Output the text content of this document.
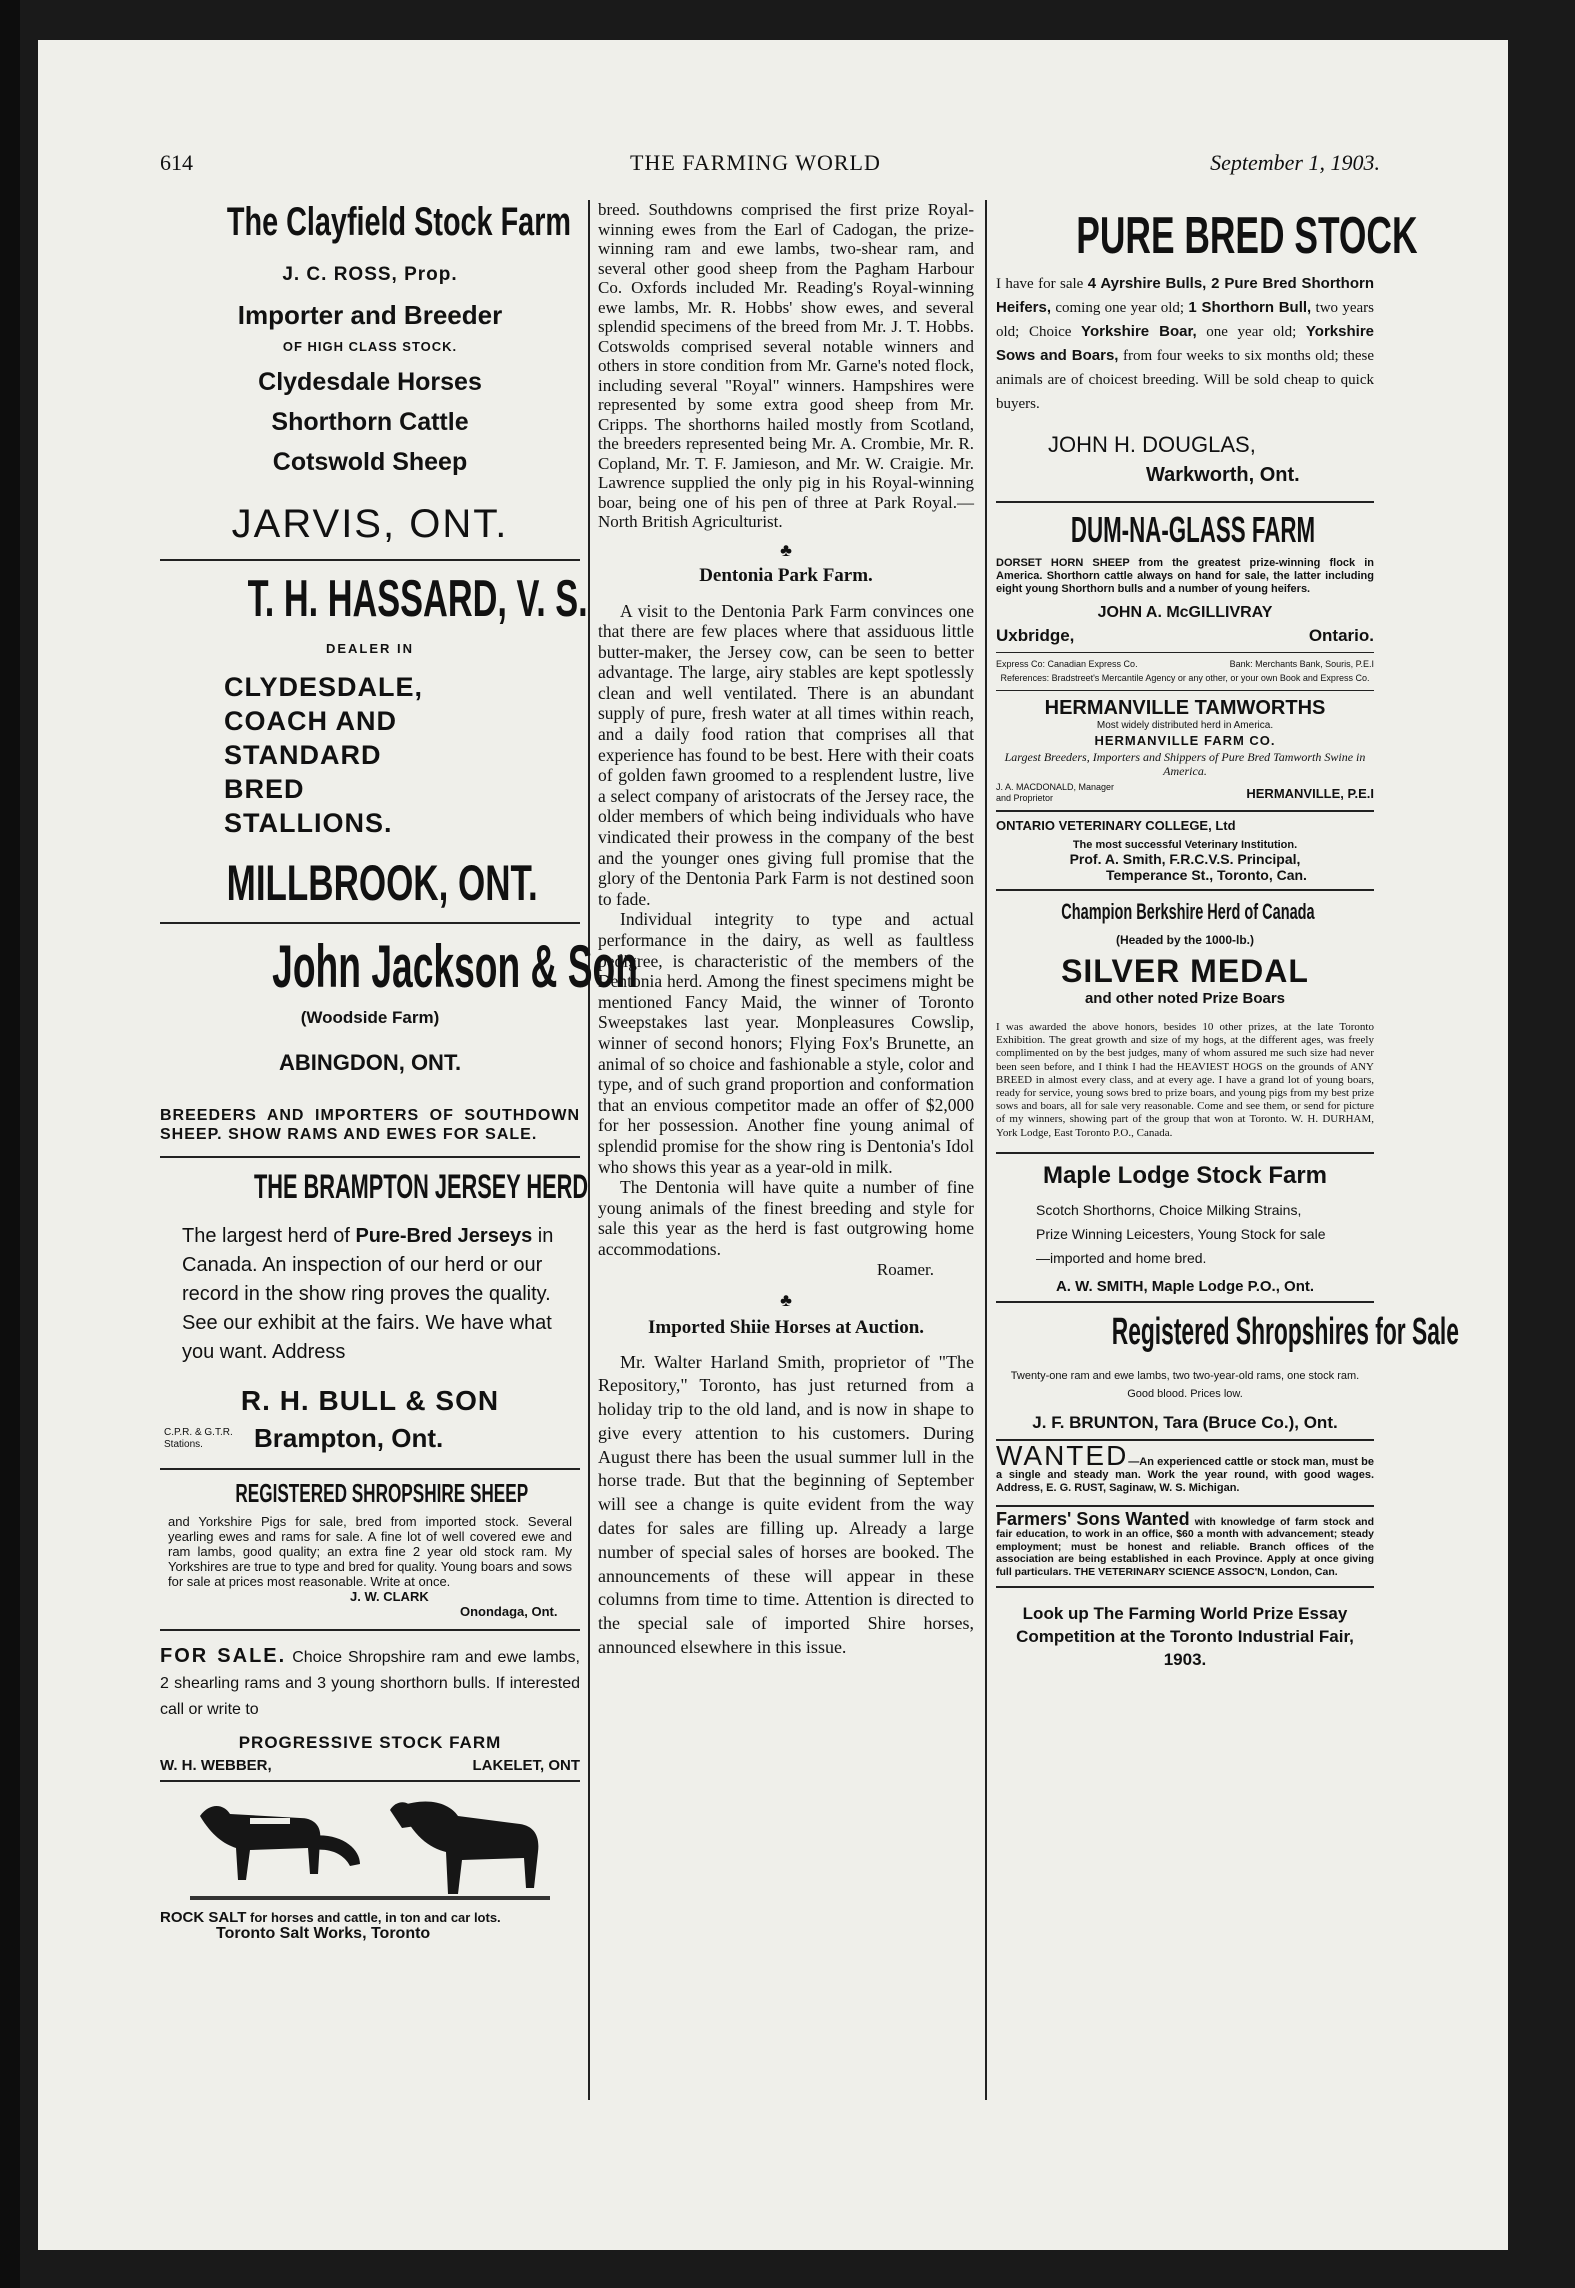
614	THE FARMING WORLD	September 1, 1903.
The Clayfield Stock Farm
J. C. ROSS, Prop.
Importer and Breeder
OF HIGH CLASS STOCK.
Clydesdale Horses
Shorthorn Cattle
Cotswold Sheep
JARVIS, ONT.
T. H. HASSARD, V. S.
DEALER IN
CLYDESDALE,
COACH AND
STANDARD
BRED
STALLIONS.
MILLBROOK, ONT.
John Jackson & Son
(Woodside Farm)
ABINGDON, ONT.
BREEDERS AND IMPORTERS OF SOUTHDOWN SHEEP. SHOW RAMS AND EWES FOR SALE.
THE BRAMPTON JERSEY HERD

The largest herd of Pure-Bred Jerseys in Canada. An inspection of our herd or our record in the show ring proves the quality. See our exhibit at the fairs. We have what you want. Address

R. H. BULL & SON
C.P.R. & G.T.R. Stations.	Brampton, Ont.
REGISTERED SHROPSHIRE SHEEP
and Yorkshire Pigs for sale, bred from imported stock. Several yearling ewes and rams for sale. A fine lot of well covered ewe and ram lambs, good quality; an extra fine 2 year old stock ram. My Yorkshires are true to type and bred for quality. Young boars and sows for sale at prices most reasonable. Write at once.
J. W. CLARK
Onondaga, Ont.

FOR SALE. Choice Shropshire ram and ewe lambs, 2 shearling rams and 3 young shorthorn bulls. If interested call or write to

PROGRESSIVE STOCK FARM
W. H. WEBBER,	LAKELET, ONT
ROCK SALT for horses and cattle, in ton and car lots.
Toronto Salt Works, Toronto

breed. Southdowns comprised the first prize Royal-winning ewes from the Earl of Cadogan, the prize-winning ram and ewe lambs, two-shear ram, and several other good sheep from the Pagham Harbour Co. Oxfords included Mr. Reading's Royal-winning ewe lambs, Mr. R. Hobbs' show ewes, and several splendid specimens of the breed from Mr. J. T. Hobbs. Cotswolds comprised several notable winners and others in store condition from Mr. Garne's noted flock, including several "Royal" winners. Hampshires were represented by some extra good sheep from Mr. Cripps. The shorthorns hailed mostly from Scotland, the breeders represented being Mr. A. Crombie, Mr. R. Copland, Mr. T. F. Jamieson, and Mr. W. Craigie. Mr. Lawrence supplied the only pig in his Royal-winning boar, being one of his pen of three at Park Royal.—North British Agriculturist.

♣
Dentonia Park Farm.

A visit to the Dentonia Park Farm convinces one that there are few places where that assiduous little butter-maker, the Jersey cow, can be seen to better advantage. The large, airy stables are kept spotlessly clean and well ventilated. There is an abundant supply of pure, fresh water at all times within reach, and a daily food ration that comprises all that experience has found to be best. Here with their coats of golden fawn groomed to a resplendent lustre, live a select company of aristocrats of the Jersey race, the older members of which being individuals who have vindicated their prowess in the company of the best and the younger ones giving full promise that the glory of the Dentonia Park Farm is not destined soon to fade.

Individual integrity to type and actual performance in the dairy, as well as faultless pedigree, is characteristic of the members of the Dentonia herd. Among the finest specimens might be mentioned Fancy Maid, the winner of Toronto Sweepstakes last year. Monpleasures Cowslip, winner of second honors; Flying Fox's Brunette, an animal of so choice and fashionable a style, color and type, and of such grand proportion and conformation that an envious competitor made an offer of $2,000 for her possession. Another fine young animal of splendid promise for the show ring is Dentonia's Idol who shows this year as a year-old in milk.

The Dentonia will have quite a number of fine young animals of the finest breeding and style for sale this year as the herd is fast outgrowing home accommodations.

Roamer.
♣
Imported Shiie Horses at Auction.

Mr. Walter Harland Smith, proprietor of "The Repository," Toronto, has just returned from a holiday trip to the old land, and is now in shape to give every attention to his customers. During August there has been the usual summer lull in the horse trade. But that the beginning of September will see a change is quite evident from the way dates for sales are filling up. Already a large number of special sales of horses are booked. The announcements of these will appear in these columns from time to time. Attention is directed to the special sale of imported Shire horses, announced elsewhere in this issue.

PURE BRED STOCK

I have for sale 4 Ayrshire Bulls, 2 Pure Bred Shorthorn Heifers, coming one year old; 1 Shorthorn Bull, two years old; Choice Yorkshire Boar, one year old; Yorkshire Sows and Boars, from four weeks to six months old; these animals are of choicest breeding. Will be sold cheap to quick buyers.

JOHN H. DOUGLAS,
Warkworth, Ont.
DUM-NA-GLASS FARM
DORSET HORN SHEEP from the greatest prize-winning flock in America. Shorthorn cattle always on hand for sale, the latter including eight young Shorthorn bulls and a number of young heifers.
JOHN A. McGILLIVRAY
Uxbridge,	Ontario.
Express Co: Canadian Express Co.	Bank: Merchants Bank, Souris, P.E.I
References: Bradstreet's Mercantile Agency or any other, or your own Book and Express Co.
HERMANVILLE TAMWORTHS
Most widely distributed herd in America.
HERMANVILLE FARM CO.
Largest Breeders, Importers and Shippers of Pure Bred Tamworth Swine in America.
J. A. MACDONALD, Manager and Proprietor	HERMANVILLE, P.E.I
ONTARIO VETERINARY COLLEGE, Ltd
The most successful Veterinary Institution.
Prof. A. Smith, F.R.C.V.S. Principal,
Temperance St., Toronto, Can.
Champion Berkshire Herd of Canada
(Headed by the 1000-lb.)
SILVER MEDAL
and other noted Prize Boars
I was awarded the above honors, besides 10 other prizes, at the late Toronto Exhibition. The great growth and size of my hogs, at the different ages, was freely complimented on by the best judges, many of whom assured me such size had never been seen before, and I think I had the HEAVIEST HOGS on the grounds of ANY BREED in almost every class, and at every age. I have a grand lot of young boars, ready for service, young sows bred to prize boars, and young pigs from my best prize sows and boars, all for sale very reasonable. Come and see them, or send for picture of my winners, showing part of the group that won at Toronto. W. H. DURHAM, York Lodge, East Toronto P.O., Canada.
Maple Lodge Stock Farm
Scotch Shorthorns, Choice Milking Strains, Prize Winning Leicesters, Young Stock for sale—imported and home bred.
A. W. SMITH, Maple Lodge P.O., Ont.
Registered Shropshires for Sale
Twenty-one ram and ewe lambs, two two-year-old rams, one stock ram. Good blood. Prices low.
J. F. BRUNTON, Tara (Bruce Co.), Ont.

WANTED—An experienced cattle or stock man, must be a single and steady man. Work the year round, with good wages. Address, E. G. RUST, Saginaw, W. S. Michigan.

Farmers' Sons Wanted with knowledge of farm stock and fair education, to work in an office, $60 a month with advancement; steady employment; must be honest and reliable. Branch offices of the association are being established in each Province. Apply at once giving full particulars. THE VETERINARY SCIENCE ASSOC'N, London, Can.

Look up The Farming World Prize Essay Competition at the Toronto Industrial Fair, 1903.
